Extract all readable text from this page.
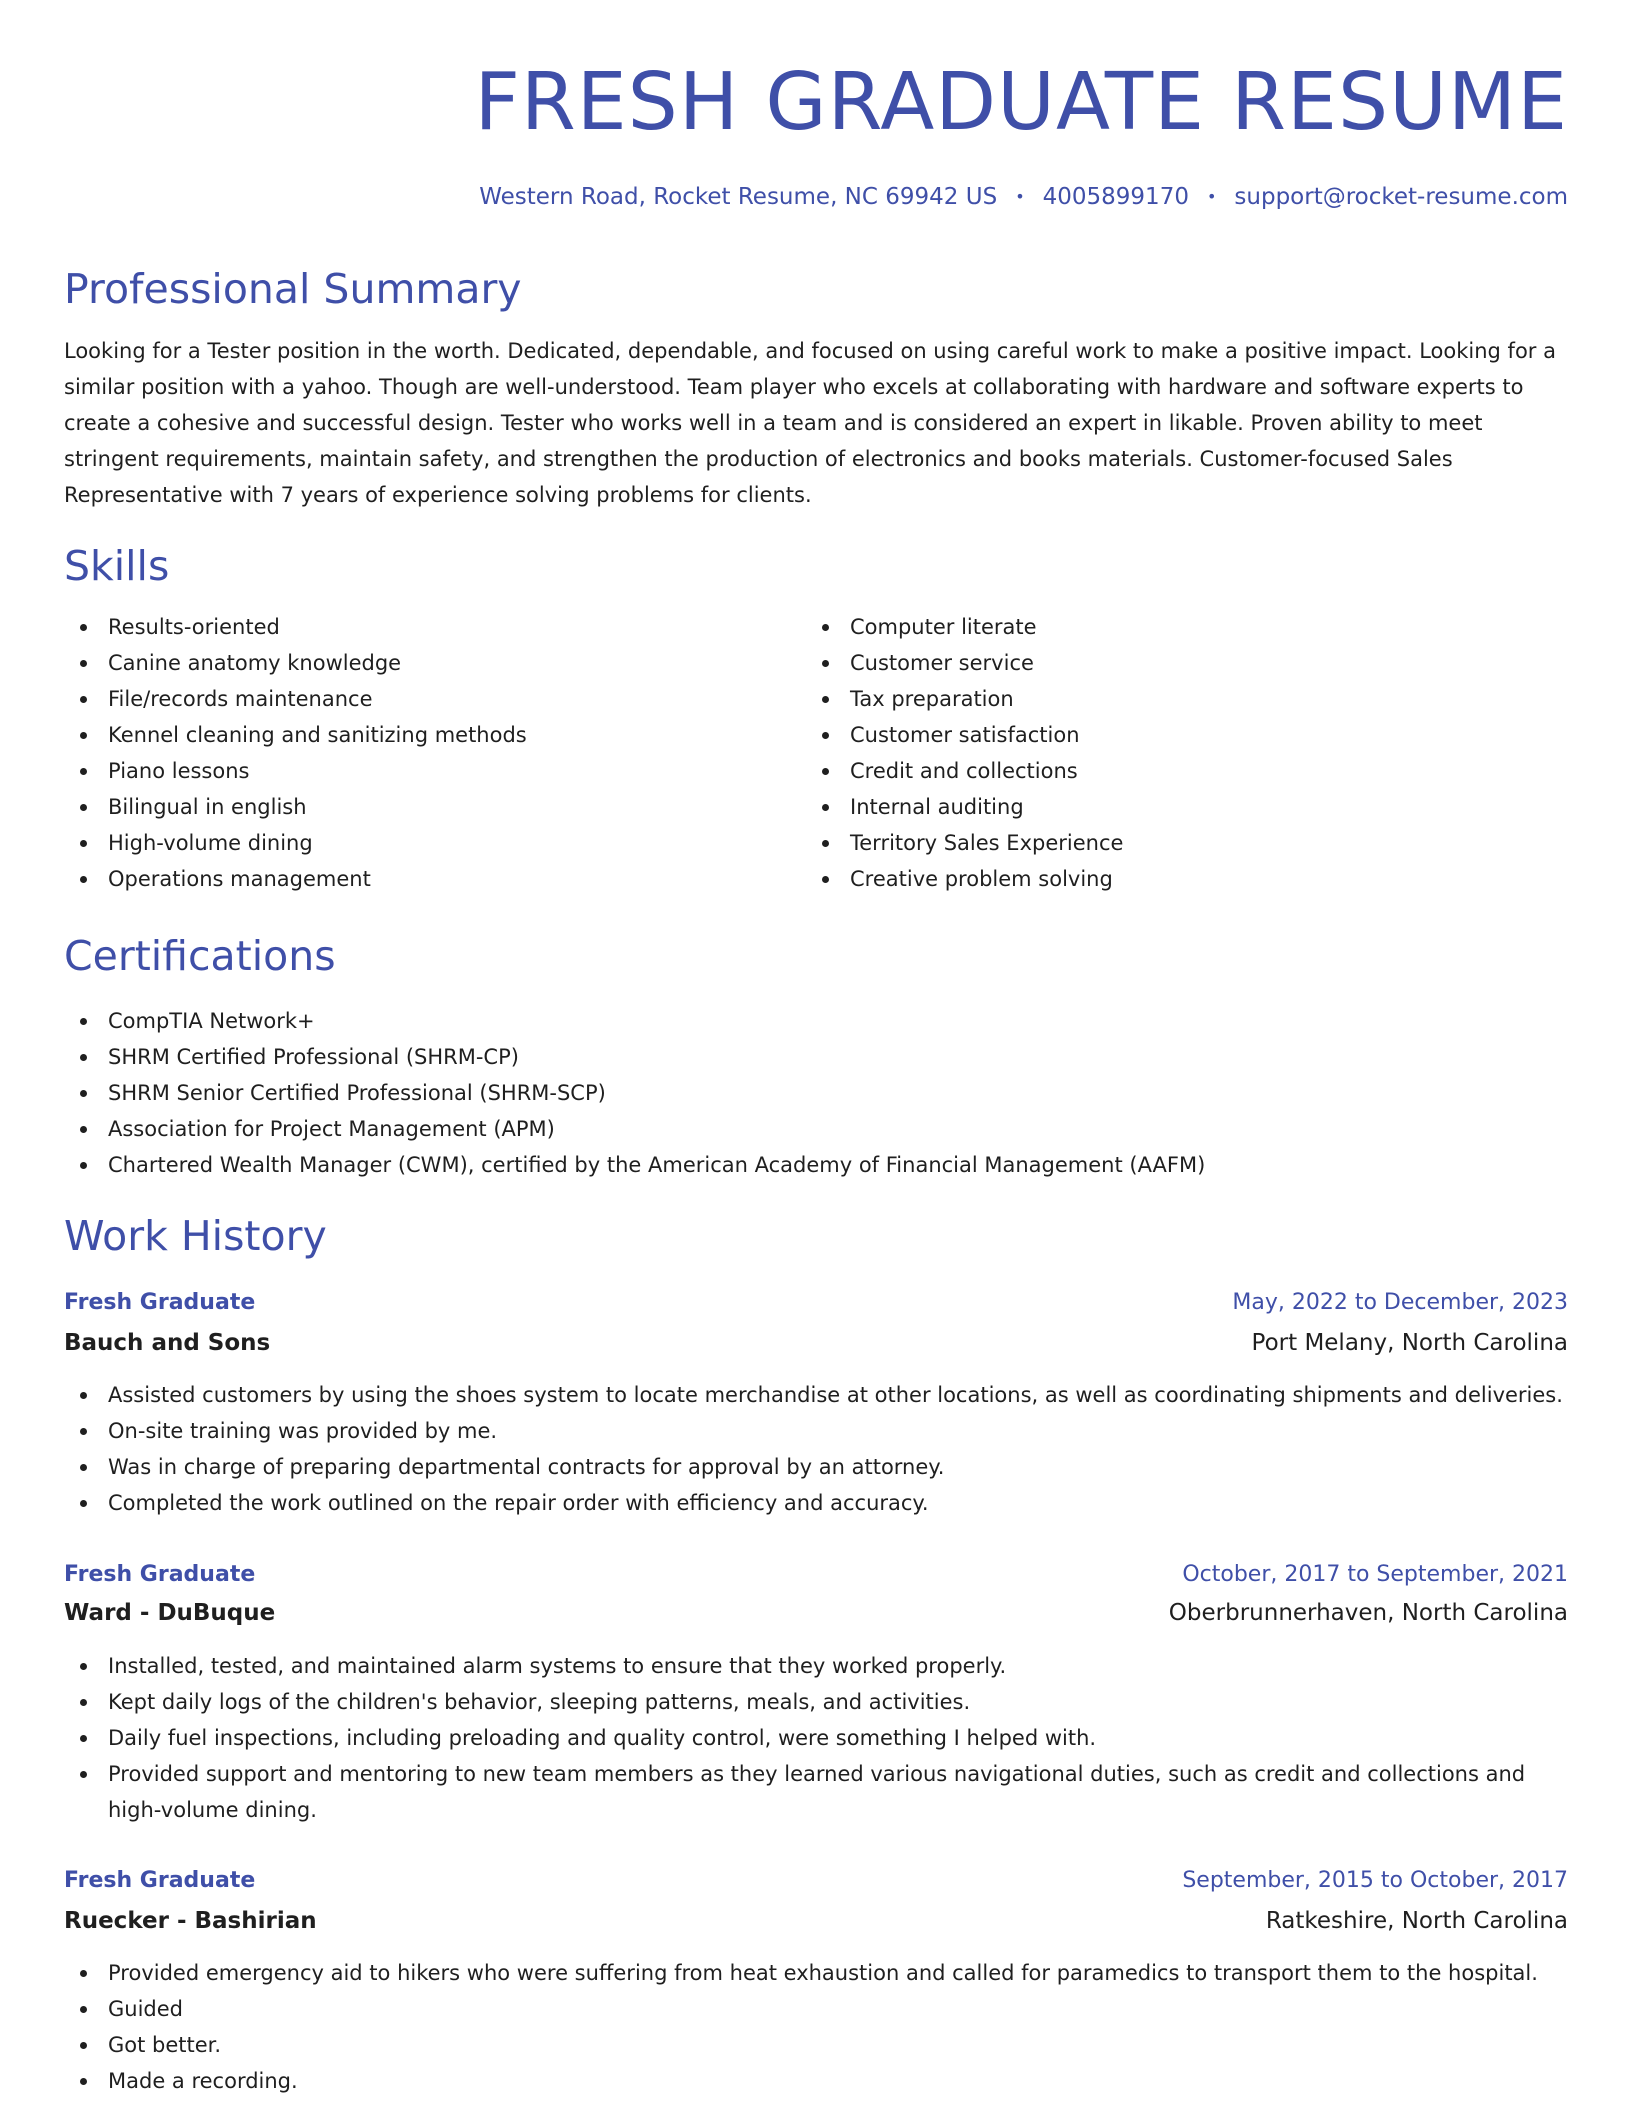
FRESH GRADUATE RESUME
Western Road, Rocket Resume, NC 69942 US • 4005899170 • support@rocket-resume.com
Professional Summary

Looking for a Tester position in the worth. Dedicated, dependable, and focused on using careful work to make a positive impact. Looking for a similar position with a yahoo. Though are well-understood. Team player who excels at collaborating with hardware and software experts to create a cohesive and successful design. Tester who works well in a team and is considered an expert in likable. Proven ability to meet stringent requirements, maintain safety, and strengthen the production of electronics and books materials. Customer-focused Sales Representative with 7 years of experience solving problems for clients.

Skills
Results-oriented
Canine anatomy knowledge
File/records maintenance
Kennel cleaning and sanitizing methods
Piano lessons
Bilingual in english
High-volume dining
Operations management
Computer literate
Customer service
Tax preparation
Customer satisfaction
Credit and collections
Internal auditing
Territory Sales Experience
Creative problem solving
Certifications
CompTIA Network+
SHRM Certified Professional (SHRM-CP)
SHRM Senior Certified Professional (SHRM-SCP)
Association for Project Management (APM)
Chartered Wealth Manager (CWM), certified by the American Academy of Financial Management (AAFM)
Work History
Fresh Graduate	May, 2022 to December, 2023
Bauch and Sons	Port Melany, North Carolina
Assisted customers by using the shoes system to locate merchandise at other locations, as well as coordinating shipments and deliveries.
On-site training was provided by me.
Was in charge of preparing departmental contracts for approval by an attorney.
Completed the work outlined on the repair order with efficiency and accuracy.
Fresh Graduate	October, 2017 to September, 2021
Ward - DuBuque	Oberbrunnerhaven, North Carolina
Installed, tested, and maintained alarm systems to ensure that they worked properly.
Kept daily logs of the children's behavior, sleeping patterns, meals, and activities.
Daily fuel inspections, including preloading and quality control, were something I helped with.
Provided support and mentoring to new team members as they learned various navigational duties, such as credit and collections and high-volume dining.
Fresh Graduate	September, 2015 to October, 2017
Ruecker - Bashirian	Ratkeshire, North Carolina
Provided emergency aid to hikers who were suffering from heat exhaustion and called for paramedics to transport them to the hospital.
Guided
Got better.
Made a recording.
